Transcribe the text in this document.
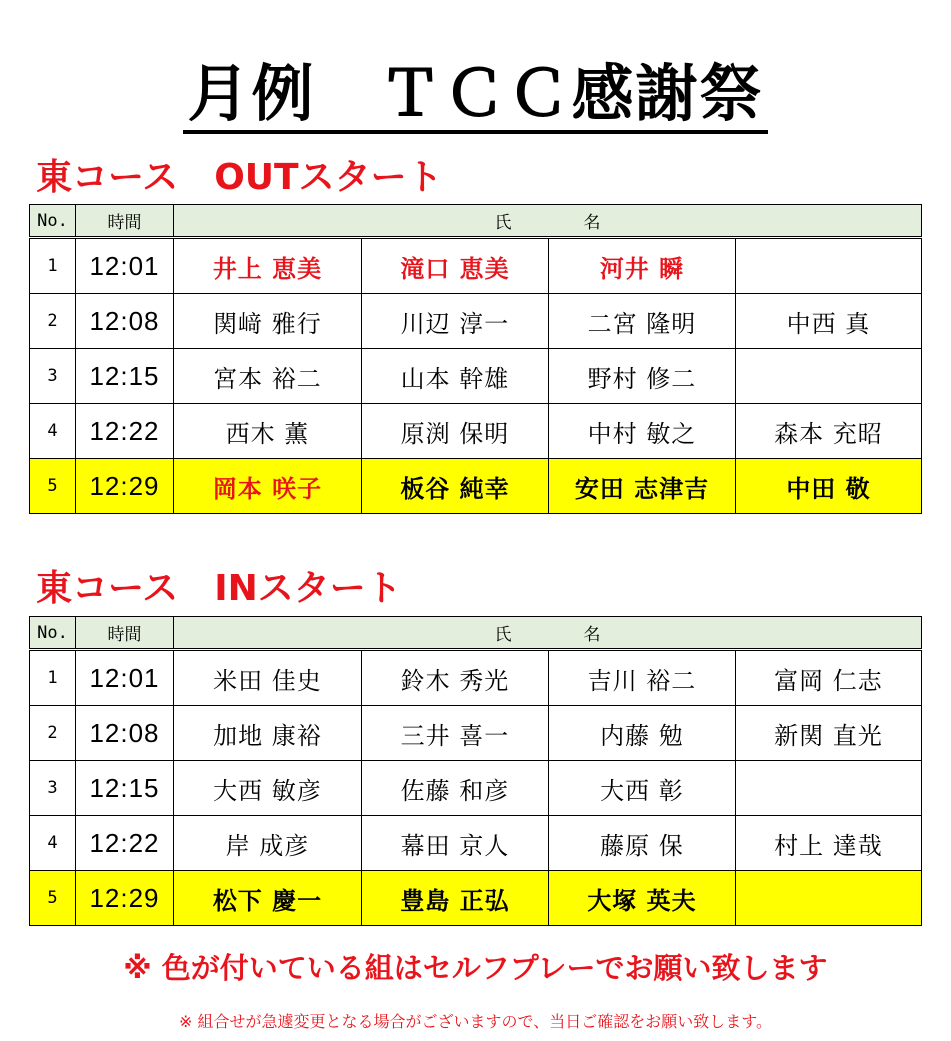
月例　ＴＣＣ感謝祭
東コース　OUTスタート
No.	時間	氏 名			
1	12:01	井上 恵美	滝口 恵美	河井 瞬	
2	12:08	関﨑 雅行	川辺 淳一	二宮 隆明	中西 真
3	12:15	宮本 裕二	山本 幹雄	野村 修二	
4	12:22	西木 薫	原渕 保明	中村 敏之	森本 充昭
5	12:29	岡本 咲子	板谷 純幸	安田 志津吉	中田 敬
東コース　INスタート
No.	時間	氏 名			
1	12:01	米田 佳史	鈴木 秀光	吉川 裕二	富岡 仁志
2	12:08	加地 康裕	三井 喜一	内藤 勉	新関 直光
3	12:15	大西 敏彦	佐藤 和彦	大西 彰	
4	12:22	岸 成彦	幕田 京人	藤原 保	村上 達哉
5	12:29	松下 慶一	豊島 正弘	大塚 英夫	
※ 色が付いている組はセルフプレーでお願い致します
※ 組合せが急遽変更となる場合がございますので、当日ご確認をお願い致します。
